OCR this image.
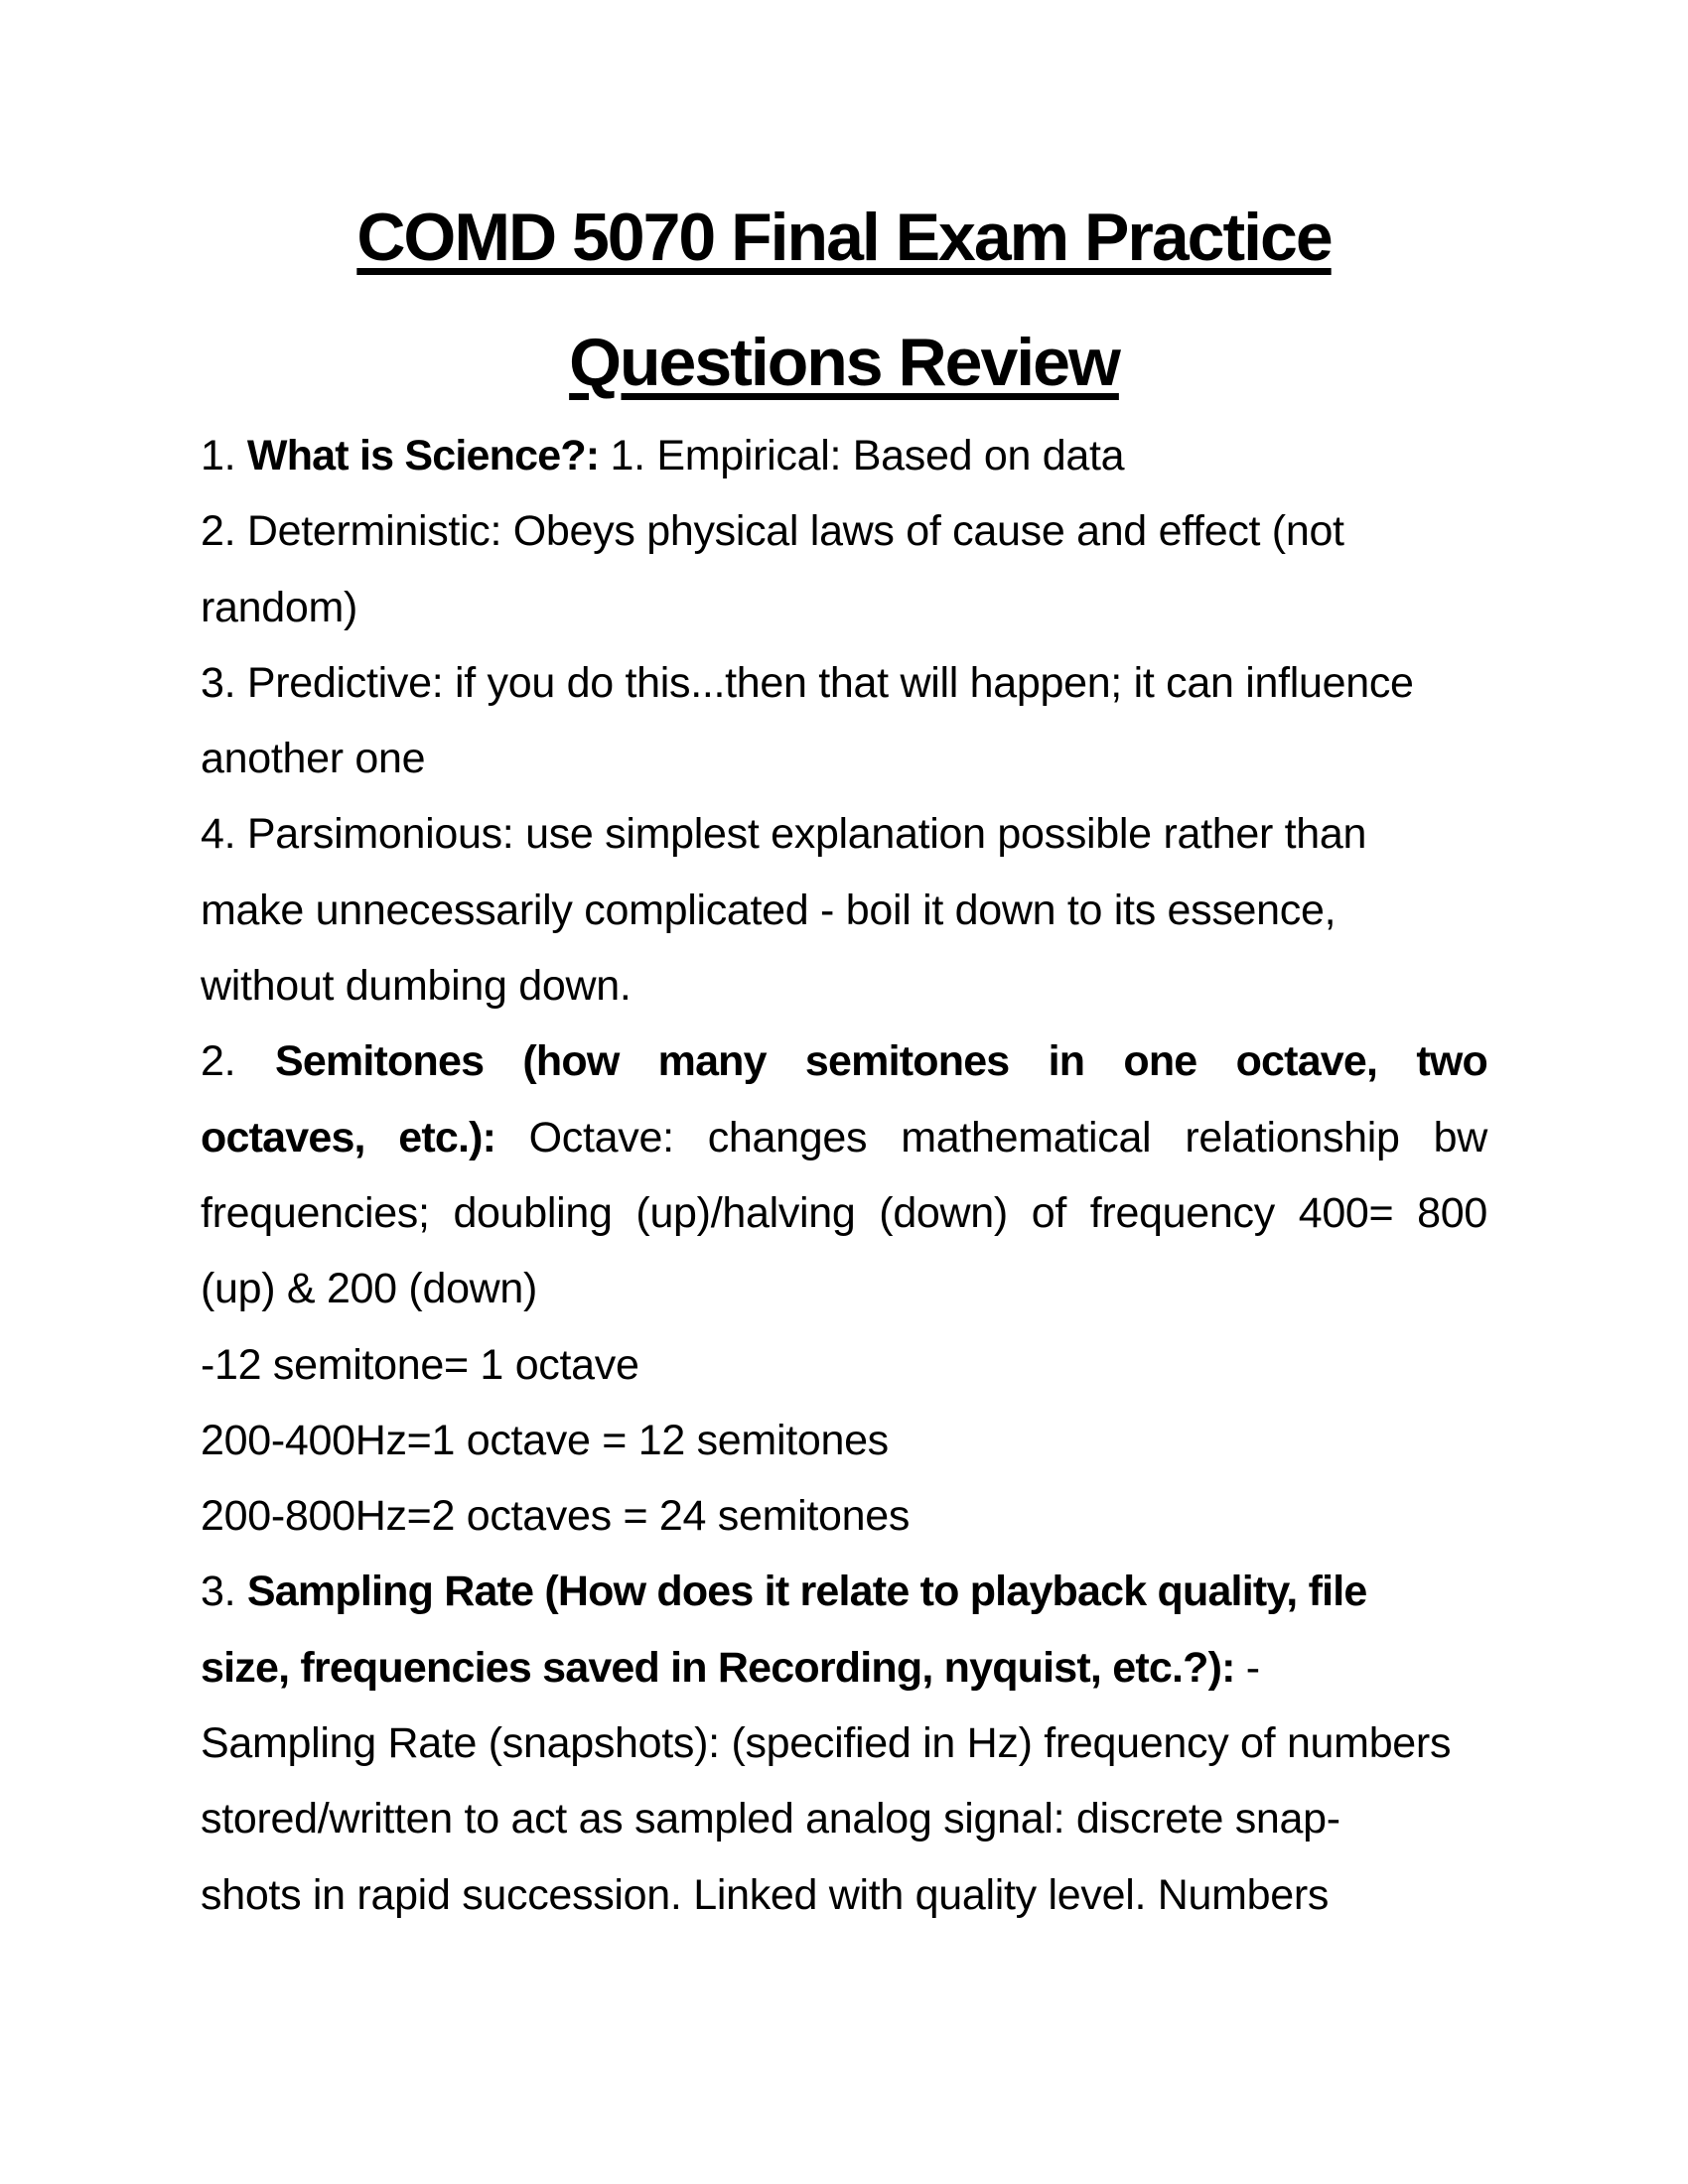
COMD 5070 Final Exam Practice
Questions Review
1. What is Science?: 1. Empirical: Based on data
2. Deterministic: Obeys physical laws of cause and effect (not
random)
3. Predictive: if you do this...then that will happen; it can influence
another one
4. Parsimonious: use simplest explanation possible rather than
make unnecessarily complicated - boil it down to its essence,
without dumbing down.
2. Semitones (how many semitones in one octave, two
octaves, etc.): Octave: changes mathematical relationship bw
frequencies; doubling (up)/halving (down) of frequency 400= 800
(up) & 200 (down)
-12 semitone= 1 octave
200-400Hz=1 octave = 12 semitones
200-800Hz=2 octaves = 24 semitones
3. Sampling Rate (How does it relate to playback quality, file
size, frequencies saved in Recording, nyquist, etc.?): -
Sampling Rate (snapshots): (specified in Hz) frequency of numbers
stored/written to act as sampled analog signal: discrete snap-
shots in rapid succession. Linked with quality level. Numbers
